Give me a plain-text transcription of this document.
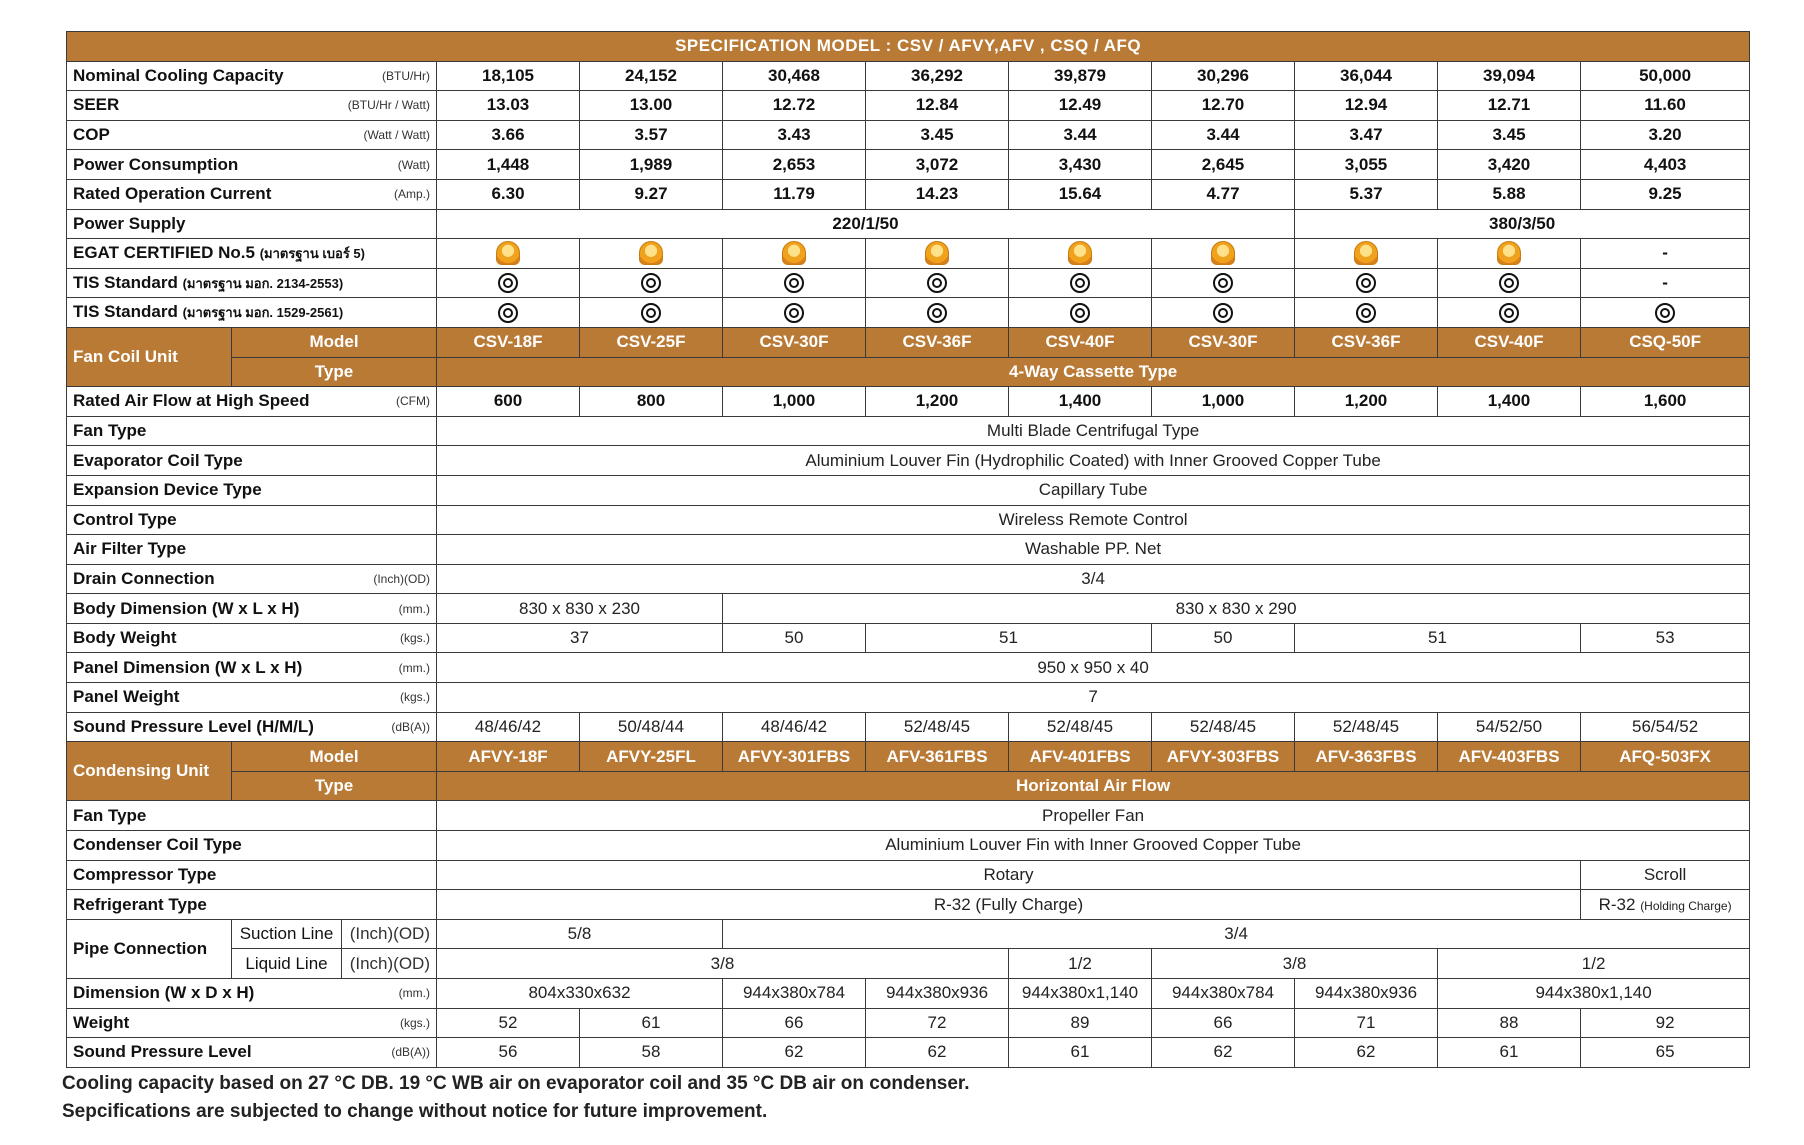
SPECIFICATION MODEL : CSV / AFVY,AFV , CSQ / AFQ											

Nominal Cooling Capacity (BTU/Hr)			18,105	24,152	30,468	36,292	39,879	30,296	36,044	39,094	50,000

SEER (BTU/Hr / Watt)			13.03	13.00	12.72	12.84	12.49	12.70	12.94	12.71	11.60

COP (Watt / Watt)			3.66	3.57	3.43	3.45	3.44	3.44	3.47	3.45	3.20

Power Consumption (Watt)			1,448	1,989	2,653	3,072	3,430	2,645	3,055	3,420	4,403

Rated Operation Current (Amp.)			6.30	9.27	11.79	14.23	15.64	4.77	5.37	5.88	9.25

Power Supply			220/1/50						380/3/50		

EGAT CERTIFIED No.5 (มาตรฐาน เบอร์ 5)											-

TIS Standard (มาตรฐาน มอก. 2134-2553)											-

TIS Standard (มาตรฐาน มอก. 1529-2561)											

Fan Coil Unit	Model		CSV-18F	CSV-25F	CSV-30F	CSV-36F	CSV-40F	CSV-30F	CSV-36F	CSV-40F	CSQ-50F
	Type		4-Way Cassette Type								

Rated Air Flow at High Speed (CFM)			600	800	1,000	1,200	1,400	1,000	1,200	1,400	1,600

Fan Type			Multi Blade Centrifugal Type								

Evaporator Coil Type			Aluminium Louver Fin (Hydrophilic Coated) with Inner Grooved Copper Tube								

Expansion Device Type			Capillary Tube								

Control Type			Wireless Remote Control								

Air Filter Type			Washable PP. Net								

Drain Connection (Inch)(OD)			3/4								

Body Dimension (W x L x H) (mm.)			830 x 830 x 230		830 x 830 x 290						

Body Weight (kgs.)			37		50	51		50	51		53

Panel Dimension (W x L x H) (mm.)			950 x 950 x 40								

Panel Weight (kgs.)			7								

Sound Pressure Level (H/M/L) (dB(A))			48/46/42	50/48/44	48/46/42	52/48/45	52/48/45	52/48/45	52/48/45	54/52/50	56/54/52
Condensing Unit	Model		AFVY-18F	AFVY-25FL	AFVY-301FBS	AFV-361FBS	AFV-401FBS	AFVY-303FBS	AFV-363FBS	AFV-403FBS	AFQ-503FX
	Type		Horizontal Air Flow								

Fan Type			Propeller Fan								

Condenser Coil Type			Aluminium Louver Fin with Inner Grooved Copper Tube								

Compressor Type			Rotary								Scroll

Refrigerant Type			R-32 (Fully Charge)								R-32 (Holding Charge)
Pipe Connection	Suction Line	(Inch)(OD)	5/8		3/4						
	Liquid Line	(Inch)(OD)	3/8				1/2	3/8		1/2	

Dimension (W x D x H) (mm.)			804x330x632		944x380x784	944x380x936	944x380x1,140	944x380x784	944x380x936	944x380x1,140	

Weight (kgs.)			52	61	66	72	89	66	71	88	92

Sound Pressure Level (dB(A))			56	58	62	62	61	62	62	61	65
Cooling capacity based on 27 °C DB. 19 °C WB air on evaporator coil and 35 °C DB air on condenser.
Sepcifications are subjected to change without notice for future improvement.
